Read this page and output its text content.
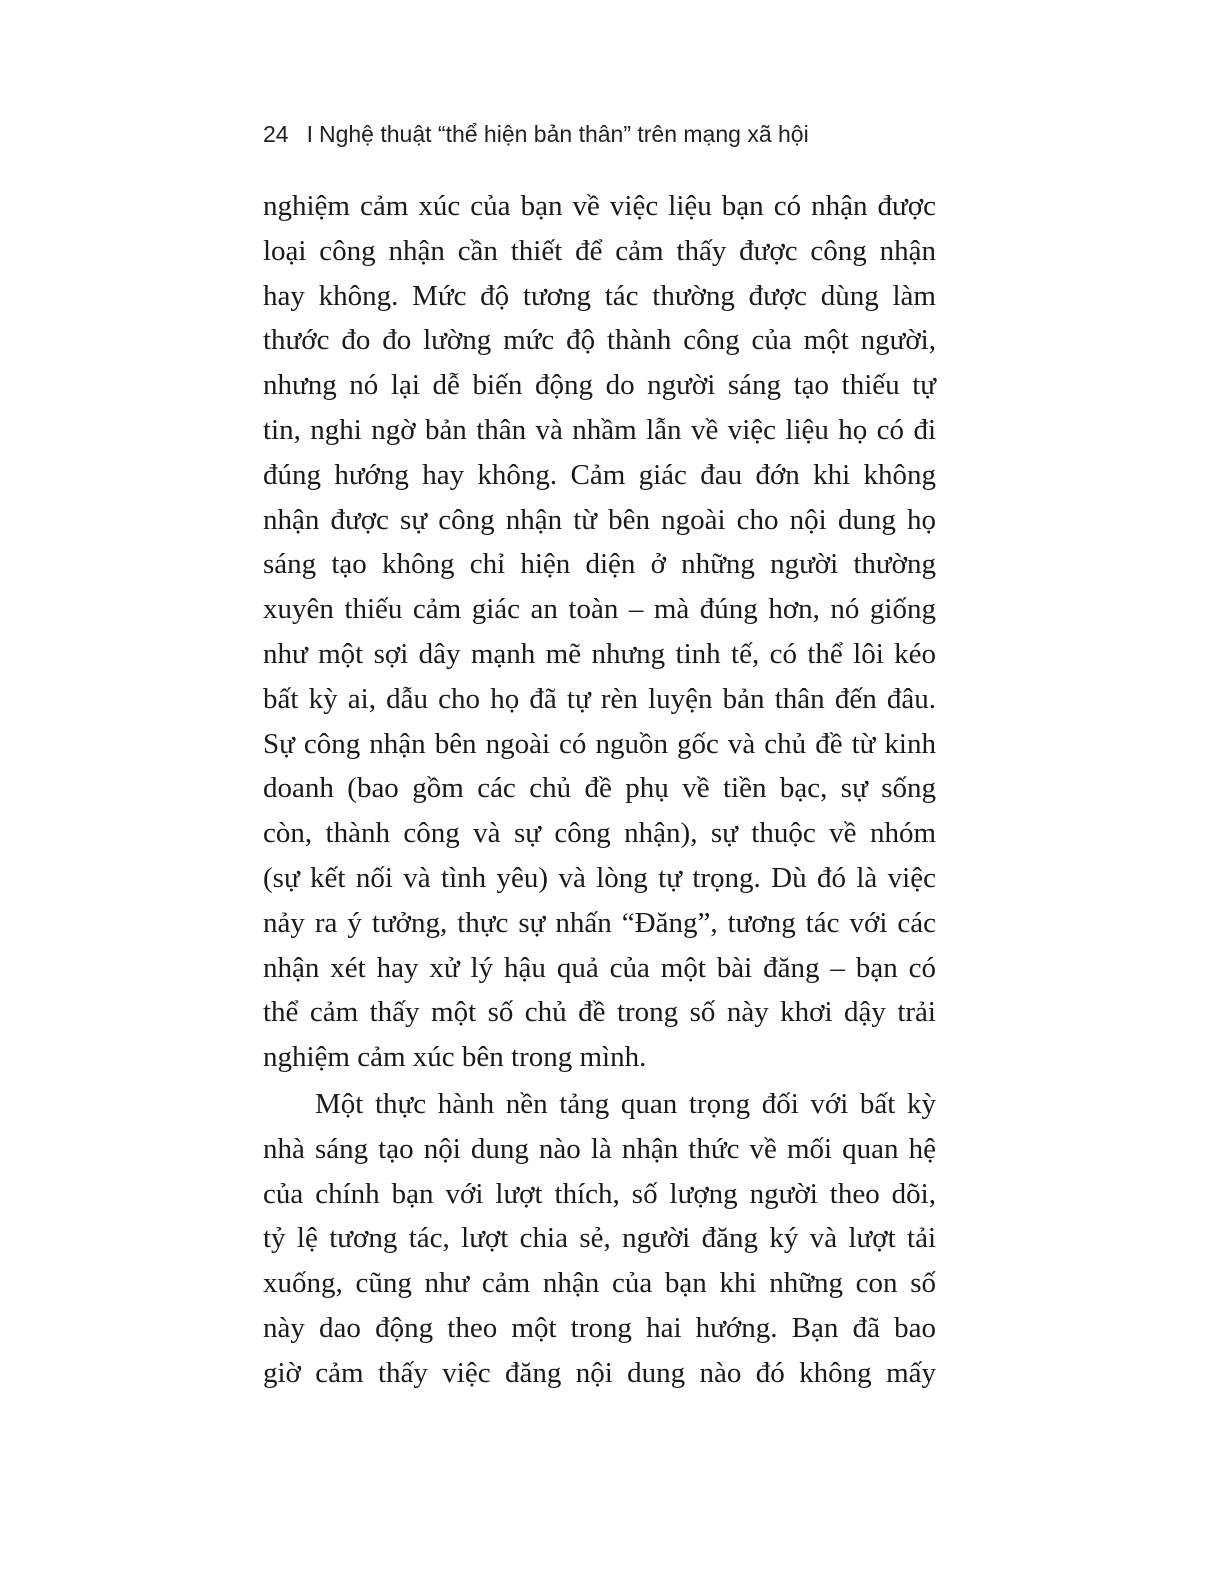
24 I Nghệ thuật “thể hiện bản thân” trên mạng xã hội

nghiệm cảm xúc của bạn về việc liệu bạn có nhận được
loại công nhận cần thiết để cảm thấy được công nhận
hay không. Mức độ tương tác thường được dùng làm
thước đo đo lường mức độ thành công của một người,
nhưng nó lại dễ biến động do người sáng tạo thiếu tự
tin, nghi ngờ bản thân và nhầm lẫn về việc liệu họ có đi
đúng hướng hay không. Cảm giác đau đớn khi không
nhận được sự công nhận từ bên ngoài cho nội dung họ
sáng tạo không chỉ hiện diện ở những người thường
xuyên thiếu cảm giác an toàn – mà đúng hơn, nó giống
như một sợi dây mạnh mẽ nhưng tinh tế, có thể lôi kéo
bất kỳ ai, dẫu cho họ đã tự rèn luyện bản thân đến đâu.
Sự công nhận bên ngoài có nguồn gốc và chủ đề từ kinh
doanh (bao gồm các chủ đề phụ về tiền bạc, sự sống
còn, thành công và sự công nhận), sự thuộc về nhóm
(sự kết nối và tình yêu) và lòng tự trọng. Dù đó là việc
nảy ra ý tưởng, thực sự nhấn “Đăng”, tương tác với các
nhận xét hay xử lý hậu quả của một bài đăng – bạn có
thể cảm thấy một số chủ đề trong số này khơi dậy trải
nghiệm cảm xúc bên trong mình.

Một thực hành nền tảng quan trọng đối với bất kỳ
nhà sáng tạo nội dung nào là nhận thức về mối quan hệ
của chính bạn với lượt thích, số lượng người theo dõi,
tỷ lệ tương tác, lượt chia sẻ, người đăng ký và lượt tải
xuống, cũng như cảm nhận của bạn khi những con số
này dao động theo một trong hai hướng. Bạn đã bao
giờ cảm thấy việc đăng nội dung nào đó không mấy
